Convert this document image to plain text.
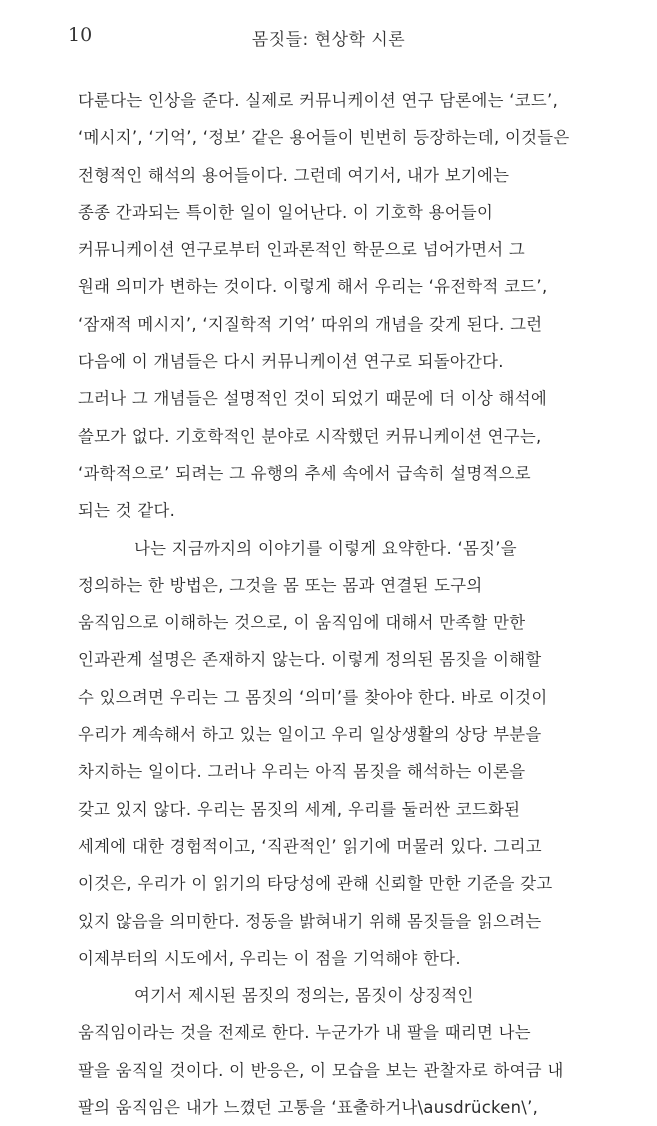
10	몸짓들: 현상학 시론
다룬다는 인상을 준다. 실제로 커뮤니케이션 연구 담론에는 ‘코드’,
‘메시지’, ‘기억’, ‘정보’ 같은 용어들이 빈번히 등장하는데, 이것들은
전형적인 해석의 용어들이다. 그런데 여기서, 내가 보기에는
종종 간과되는 특이한 일이 일어난다. 이 기호학 용어들이
커뮤니케이션 연구로부터 인과론적인 학문으로 넘어가면서 그
원래 의미가 변하는 것이다. 이렇게 해서 우리는 ‘유전학적 코드’,
‘잠재적 메시지’, ‘지질학적 기억’ 따위의 개념을 갖게 된다. 그런
다음에 이 개념들은 다시 커뮤니케이션 연구로 되돌아간다.
그러나 그 개념들은 설명적인 것이 되었기 때문에 더 이상 해석에
쓸모가 없다. 기호학적인 분야로 시작했던 커뮤니케이션 연구는,
‘과학적으로’ 되려는 그 유행의 추세 속에서 급속히 설명적으로
되는 것 같다.
나는 지금까지의 이야기를 이렇게 요약한다. ‘몸짓’을
정의하는 한 방법은, 그것을 몸 또는 몸과 연결된 도구의
움직임으로 이해하는 것으로, 이 움직임에 대해서 만족할 만한
인과관계 설명은 존재하지 않는다. 이렇게 정의된 몸짓을 이해할
수 있으려면 우리는 그 몸짓의 ‘의미’를 찾아야 한다. 바로 이것이
우리가 계속해서 하고 있는 일이고 우리 일상생활의 상당 부분을
차지하는 일이다. 그러나 우리는 아직 몸짓을 해석하는 이론을
갖고 있지 않다. 우리는 몸짓의 세계, 우리를 둘러싼 코드화된
세계에 대한 경험적이고, ‘직관적인’ 읽기에 머물러 있다. 그리고
이것은, 우리가 이 읽기의 타당성에 관해 신뢰할 만한 기준을 갖고
있지 않음을 의미한다. 정동을 밝혀내기 위해 몸짓들을 읽으려는
이제부터의 시도에서, 우리는 이 점을 기억해야 한다.
여기서 제시된 몸짓의 정의는, 몸짓이 상징적인
움직임이라는 것을 전제로 한다. 누군가가 내 팔을 때리면 나는
팔을 움직일 것이다. 이 반응은, 이 모습을 보는 관찰자로 하여금 내
팔의 움직임은 내가 느꼈던 고통을 ‘표출하거나\ausdrücken\’,
